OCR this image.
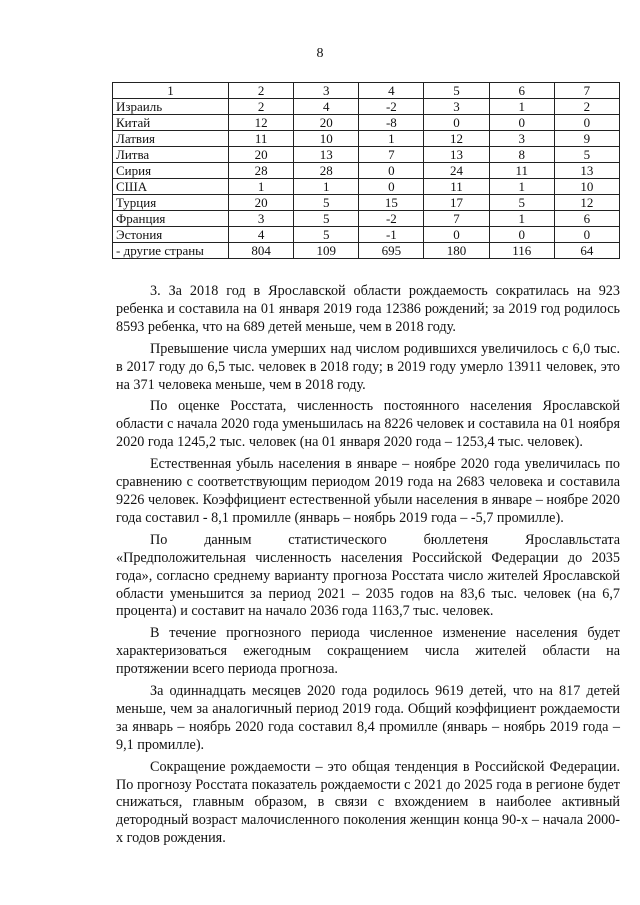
8
1	2	3	4	5	6	7
Израиль	2	4	-2	3	1	2
Китай	12	20	-8	0	0	0
Латвия	11	10	1	12	3	9
Литва	20	13	7	13	8	5
Сирия	28	28	0	24	11	13
США	1	1	0	11	1	10
Турция	20	5	15	17	5	12
Франция	3	5	-2	7	1	6
Эстония	4	5	-1	0	0	0
- другие страны	804	109	695	180	116	64

3. За 2018 год в Ярославской области рождаемость сократилась на 923 ребенка и составила на 01 января 2019 года 12386 рождений; за 2019 год родилось 8593 ребенка, что на 689 детей меньше, чем в 2018 году.

Превышение числа умерших над числом родившихся увеличилось с 6,0 тыс. в 2017 году до 6,5 тыс. человек в 2018 году; в 2019 году умерло 13911 человек, это на 371 человека меньше, чем в 2018 году.

По оценке Росстата, численность постоянного населения Ярославской области с начала 2020 года уменьшилась на 8226 человек и составила на 01 ноября 2020 года 1245,2 тыс. человек (на 01 января 2020 года – 1253,4 тыс. человек).

Естественная убыль населения в январе – ноябре 2020 года увеличилась по сравнению с соответствующим периодом 2019 года на 2683 человека и составила 9226 человек. Коэффициент естественной убыли населения в январе – ноябре 2020 года составил - 8,1 промилле (январь – ноябрь 2019 года – -5,7 промилле).

По данным статистического бюллетеня Ярославльстата «Предположительная численность населения Российской Федерации до 2035 года», согласно среднему варианту прогноза Росстата число жителей Ярославской области уменьшится за период 2021 – 2035 годов на 83,6 тыс. человек (на 6,7 процента) и составит на начало 2036 года 1163,7 тыс. человек.

В течение прогнозного периода численное изменение населения будет характеризоваться ежегодным сокращением числа жителей области на протяжении всего периода прогноза.

За одиннадцать месяцев 2020 года родилось 9619 детей, что на 817 детей меньше, чем за аналогичный период 2019 года. Общий коэффициент рождаемости за январь – ноябрь 2020 года составил 8,4 промилле (январь – ноябрь 2019 года – 9,1 промилле).

Сокращение рождаемости – это общая тенденция в Российской Федерации. По прогнозу Росстата показатель рождаемости с 2021 до 2025 года в регионе будет снижаться, главным образом, в связи с вхождением в наиболее активный детородный возраст малочисленного поколения женщин конца 90-х – начала 2000-х годов рождения.
